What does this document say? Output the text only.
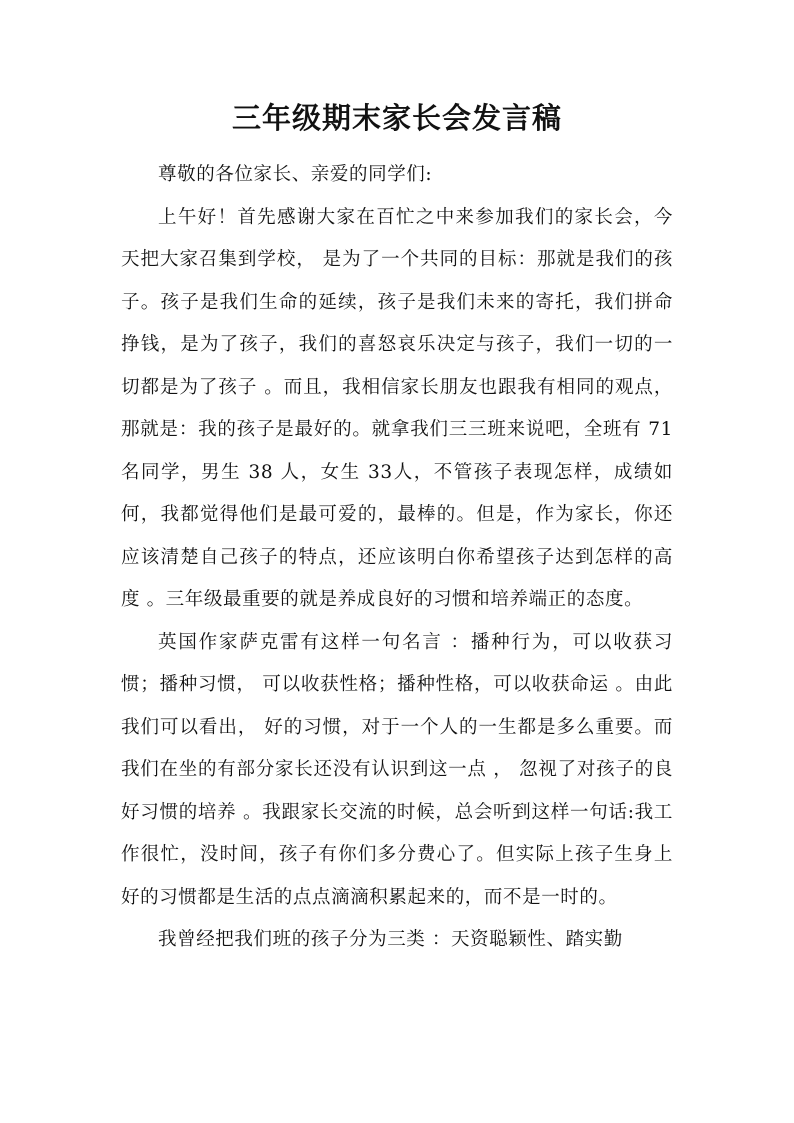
三年级期末家长会发言稿

尊敬的各位家长、亲爱的同学们:

上午好！首先感谢大家在百忙之中来参加我们的家长会，今天把大家召集到学校， 是为了一个共同的目标：那就是我们的孩子。孩子是我们生命的延续，孩子是我们未来的寄托，我们拼命挣钱，是为了孩子，我们的喜怒哀乐决定与孩子，我们一切的一切都是为了孩子 。而且，我相信家长朋友也跟我有相同的观点， 那就是：我的孩子是最好的。就拿我们三三班来说吧，全班有 71 名同学，男生 38 人，女生 33人，不管孩子表现怎样，成绩如何，我都觉得他们是最可爱的，最棒的。但是，作为家长，你还应该清楚自己孩子的特点，还应该明白你希望孩子达到怎样的高度 。三年级最重要的就是养成良好的习惯和培养端正的态度。

英国作家萨克雷有这样一句名言 ：播种行为，可以收获习惯；播种习惯， 可以收获性格；播种性格，可以收获命运 。由此我们可以看出， 好的习惯，对于一个人的一生都是多么重要。而我们在坐的有部分家长还没有认识到这一点 ， 忽视了对孩子的良好习惯的培养 。我跟家长交流的时候，总会听到这样一句话:我工作很忙，没时间，孩子有你们多分费心了。但实际上孩子生身上好的习惯都是生活的点点滴滴积累起来的，而不是一时的。

我曾经把我们班的孩子分为三类 ：天资聪颖性、踏实勤
